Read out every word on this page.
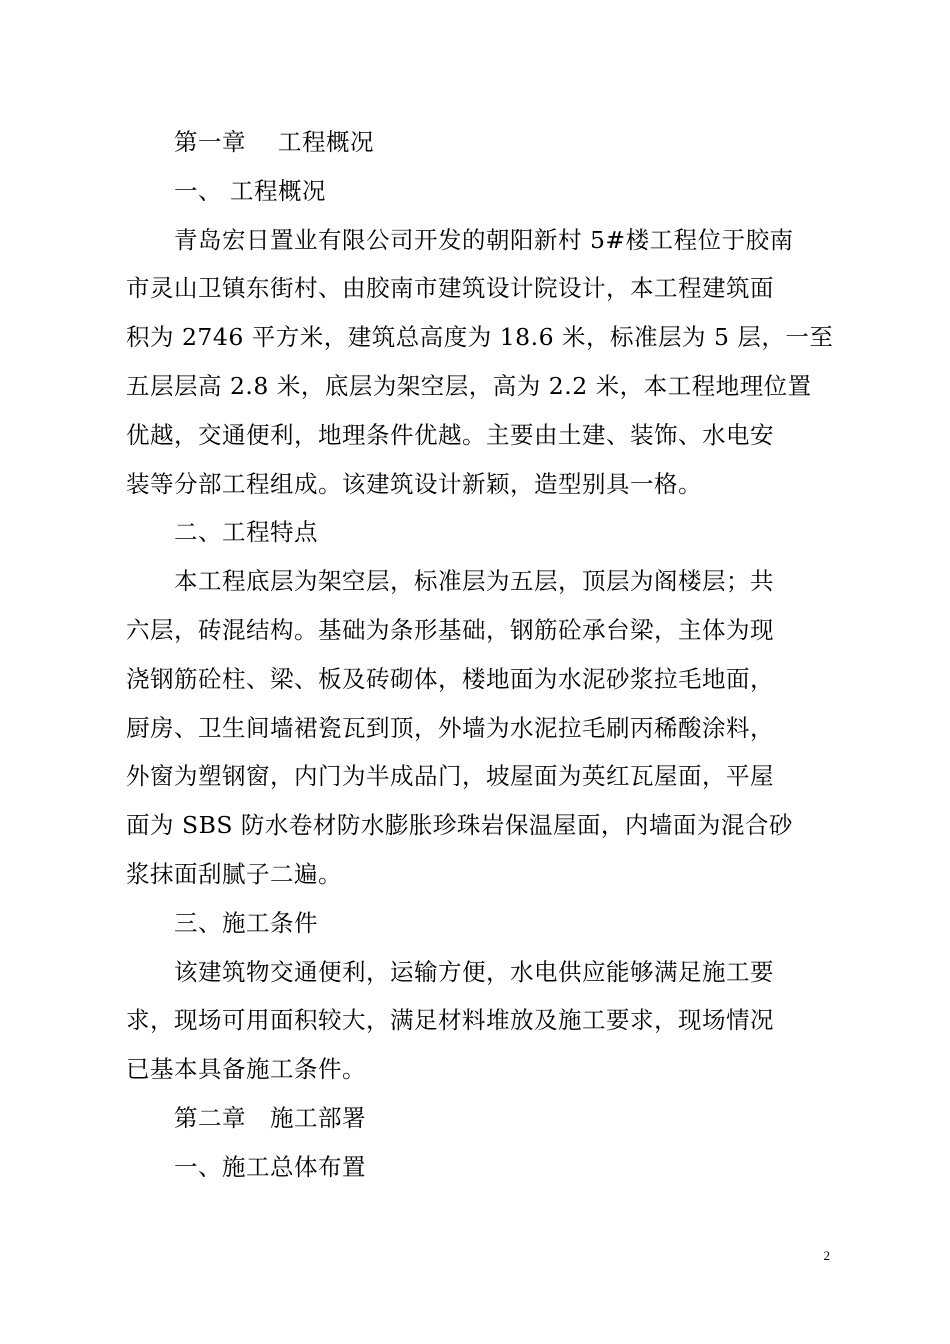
第一章　 工程概况
一、 工程概况
青岛宏日置业有限公司开发的朝阳新村 5#楼工程位于胶南
市灵山卫镇东街村、由胶南市建筑设计院设计，本工程建筑面
积为 2746 平方米，建筑总高度为 18.6 米，标准层为 5 层，一至
五层层高 2.8 米，底层为架空层，高为 2.2 米，本工程地理位置
优越，交通便利，地理条件优越。主要由土建、装饰、水电安
装等分部工程组成。该建筑设计新颖，造型别具一格。
二、工程特点
本工程底层为架空层，标准层为五层，顶层为阁楼层；共
六层，砖混结构。基础为条形基础，钢筋砼承台梁，主体为现
浇钢筋砼柱、梁、板及砖砌体，楼地面为水泥砂浆拉毛地面，
厨房、卫生间墙裙瓷瓦到顶，外墙为水泥拉毛刷丙稀酸涂料，
外窗为塑钢窗，内门为半成品门，坡屋面为英红瓦屋面，平屋
面为 SBS 防水卷材防水膨胀珍珠岩保温屋面，内墙面为混合砂
浆抹面刮腻子二遍。
三、施工条件
该建筑物交通便利，运输方便，水电供应能够满足施工要
求，现场可用面积较大，满足材料堆放及施工要求，现场情况
已基本具备施工条件。
第二章　施工部署
一、施工总体布置
2
